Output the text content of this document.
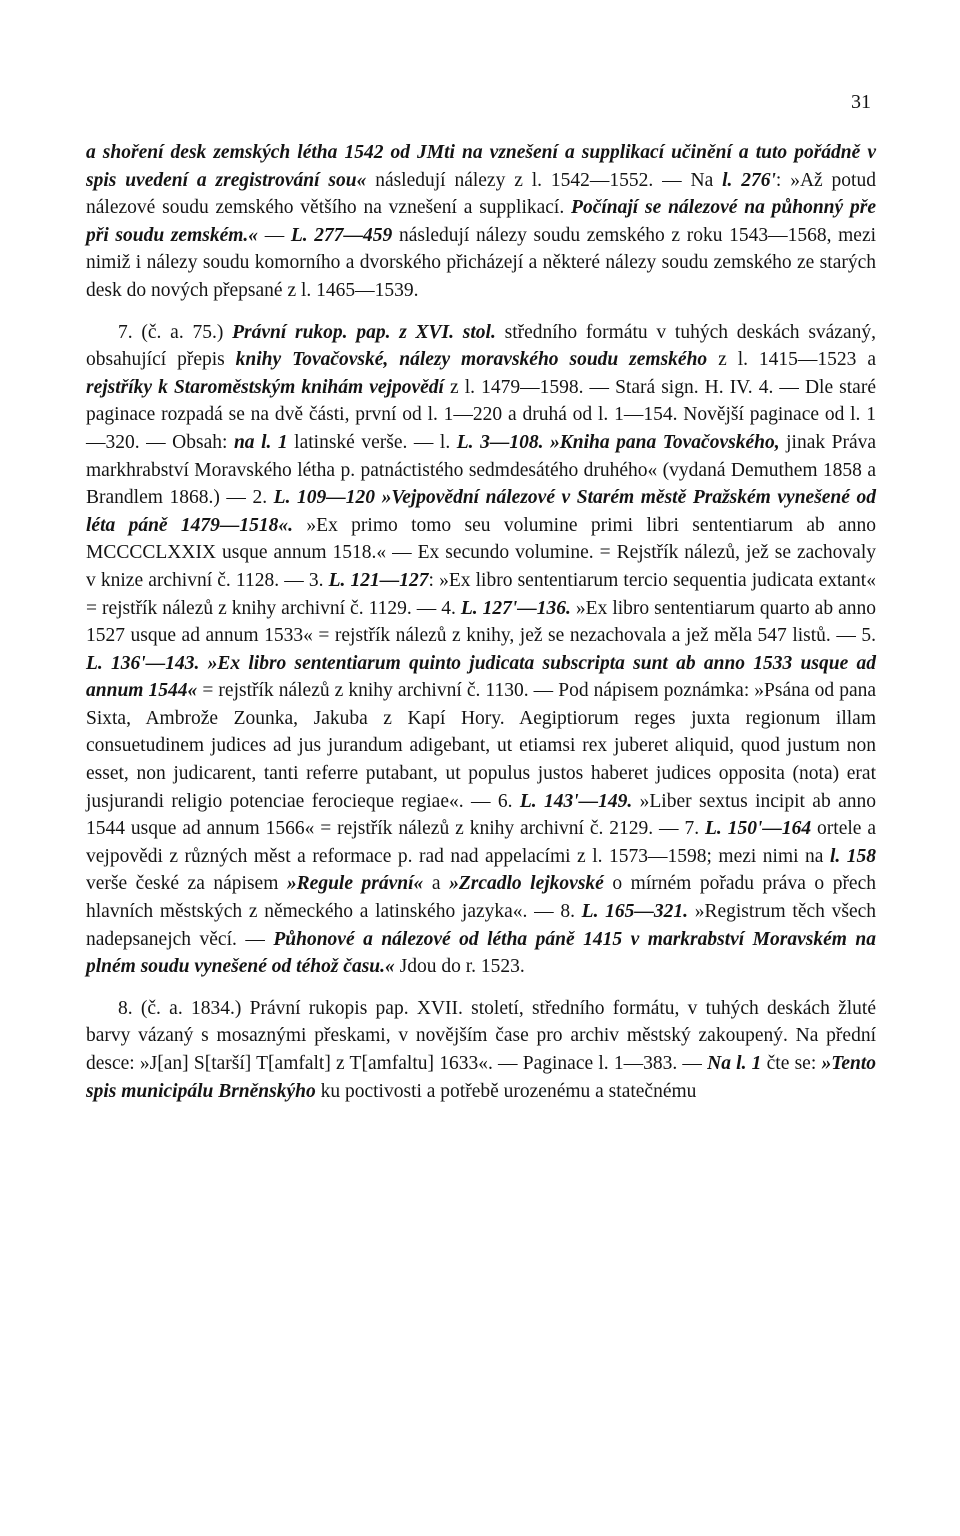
31

a shoření desk zemských létha 1542 od JMti na vznešení a supplikací učinění a tuto pořádně v spis uvedení a zregistrování sou« následují nálezy z l. 1542—1552. — Na l. 276': »Až potud nálezové soudu zemského většího na vznešení a supplikací. Počínají se nálezové na půhonný pře při soudu zemském.« — L. 277—459 následují nálezy soudu zemského z roku 1543—1568, mezi nimiž i nálezy soudu komorního a dvorského přicházejí a některé nálezy soudu zemského ze starých desk do nových přepsané z l. 1465—1539.

7. (č. a. 75.) Právní rukop. pap. z XVI. stol. středního formátu v tuhých deskách svázaný, obsahující přepis knihy Tovačovské, nálezy moravského soudu zemského z l. 1415—1523 a rejstříky k Staroměstským knihám vejpovědí z l. 1479—1598. — Stará sign. H. IV. 4. — Dle staré paginace rozpadá se na dvě části, první od l. 1—220 a druhá od l. 1—154. Novější paginace od l. 1—320. — Obsah: na l. 1 latinské verše. — l. L. 3—108. »Kniha pana Tovačovského, jinak Práva markhrabství Moravského létha p. patnáctistého sedmdesátého druhého« (vydaná Demuthem 1858 a Brandlem 1868.) — 2. L. 109—120 »Vejpovědní nálezové v Starém městě Pražském vynešené od léta páně 1479—1518«. »Ex primo tomo seu volumine primi libri sententiarum ab anno MCCCCLXXIX usque annum 1518.« — Ex secundo volumine. = Rejstřík nálezů, jež se zachovaly v knize archivní č. 1128. — 3. L. 121—127: »Ex libro sententiarum tercio sequentia judicata extant« = rejstřík nálezů z knihy archivní č. 1129. — 4. L. 127'—136. »Ex libro sententiarum quarto ab anno 1527 usque ad annum 1533« = rejstřík nálezů z knihy, jež se nezachovala a jež měla 547 listů. — 5. L. 136'—143. »Ex libro sententiarum quinto judicata subscripta sunt ab anno 1533 usque ad annum 1544« = rejstřík nálezů z knihy archivní č. 1130. — Pod nápisem poznámka: »Psána od pana Sixta, Ambrože Zounka, Jakuba z Kapí Hory. Aegiptiorum reges juxta regionum illam consuetudinem judices ad jus jurandum adigebant, ut etiamsi rex juberet aliquid, quod justum non esset, non judicarent, tanti referre putabant, ut populus justos haberet judices opposita (nota) erat jusjurandi religio potenciae ferocieque regiae«. — 6. L. 143'—149. »Liber sextus incipit ab anno 1544 usque ad annum 1566« = rejstřík nálezů z knihy archivní č. 2129. — 7. L. 150'—164 ortele a vejpovědi z různých měst a reformace p. rad nad appelacími z l. 1573—1598; mezi nimi na l. 158 verše české za nápisem »Regule právní« a »Zrcadlo lejkovské o mírném pořadu práva o přech hlavních městských z německého a latinského jazyka«. — 8. L. 165—321. »Registrum těch všech nadepsanejch věcí. — Půhonové a nálezové od létha páně 1415 v markrabství Moravském na plném soudu vynešené od téhož času.« Jdou do r. 1523.

8. (č. a. 1834.) Právní rukopis pap. XVII. století, středního formátu, v tuhých deskách žluté barvy vázaný s mosaznými přeskami, v novějším čase pro archiv městský zakoupený. Na přední desce: »J[an] S[tarší] T[amfalt] z T[amfaltu] 1633«. — Paginace l. 1—383. — Na l. 1 čte se: »Tento spis municipálu Brněnskýho ku poctivosti a potřebě urozenému a statečnému
